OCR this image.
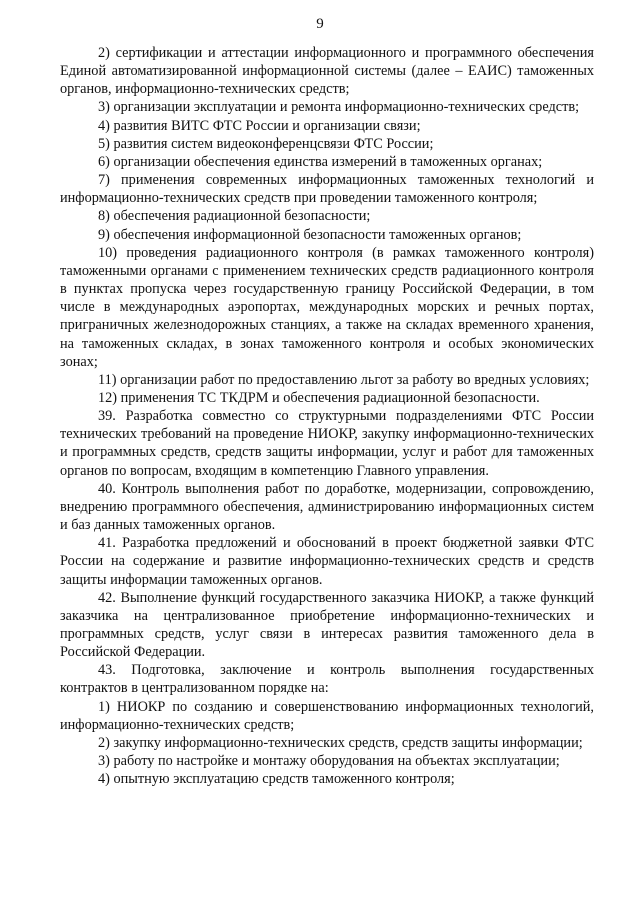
9

2) сертификации и аттестации информационного и программного обеспечения Единой автоматизированной информационной системы (далее – ЕАИС) таможенных органов, информационно-технических средств;

3) организации эксплуатации и ремонта информационно-технических средств;

4) развития ВИТС ФТС России и организации связи;

5) развития систем видеоконференцсвязи ФТС России;

6) организации обеспечения единства измерений в таможенных органах;

7) применения современных информационных таможенных технологий и информационно-технических средств при проведении таможенного контроля;

8) обеспечения радиационной безопасности;

9) обеспечения информационной безопасности таможенных органов;

10) проведения радиационного контроля (в рамках таможенного контроля) таможенными органами с применением технических средств радиационного контроля в пунктах пропуска через государственную границу Российской Федерации, в том числе в международных аэропортах, международных морских и речных портах, приграничных железнодорожных станциях, а также на складах временного хранения, на таможенных складах, в зонах таможенного контроля и особых экономических зонах;

11) организации работ по предоставлению льгот за работу во вредных условиях;

12) применения ТС ТКДРМ и обеспечения радиационной безопасности.

39. Разработка совместно со структурными подразделениями ФТС России технических требований на проведение НИОКР, закупку информационно-технических и программных средств, средств защиты информации, услуг и работ для таможенных органов по вопросам, входящим в компетенцию Главного управления.

40. Контроль выполнения работ по доработке, модернизации, сопровождению, внедрению программного обеспечения, администрированию информационных систем и баз данных таможенных органов.

41. Разработка предложений и обоснований в проект бюджетной заявки ФТС России на содержание и развитие информационно-технических средств и средств защиты информации таможенных органов.

42. Выполнение функций государственного заказчика НИОКР, а также функций заказчика на централизованное приобретение информационно-технических и программных средств, услуг связи в интересах развития таможенного дела в Российской Федерации.

43. Подготовка, заключение и контроль выполнения государственных контрактов в централизованном порядке на:

1) НИОКР по созданию и совершенствованию информационных технологий, информационно-технических средств;

2) закупку информационно-технических средств, средств защиты информации;

3) работу по настройке и монтажу оборудования на объектах эксплуатации;

4) опытную эксплуатацию средств таможенного контроля;
